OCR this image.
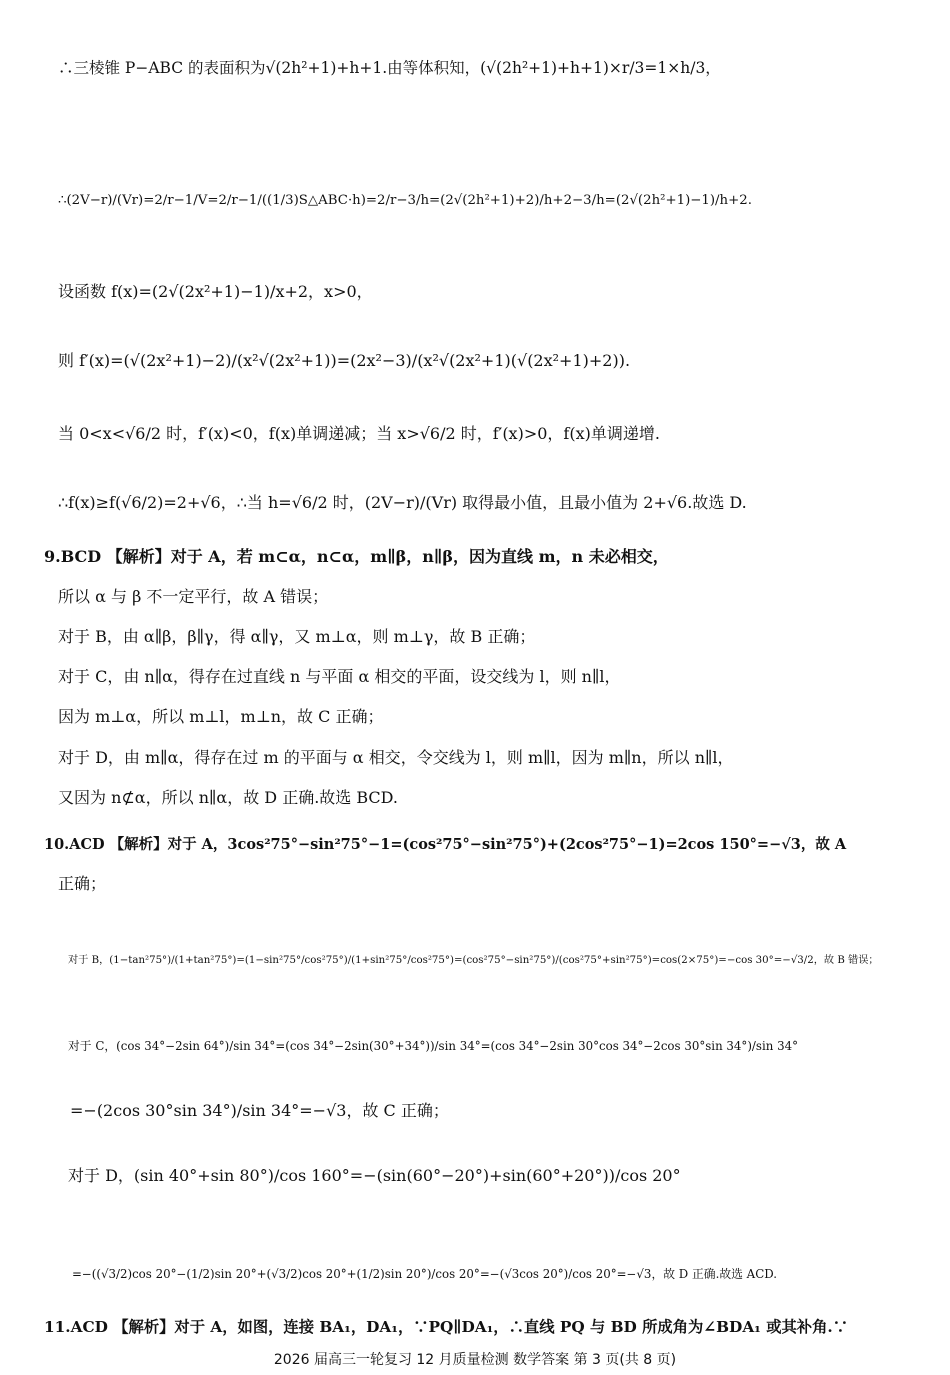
∴三棱锥 P−ABC 的表面积为√(2h²+1)+h+1.由等体积知，(√(2h²+1)+h+1)×r/3=1×h/3，
∴(2V−r)/(Vr)=2/r−1/V=2/r−1/((1/3)S△ABC·h)=2/r−3/h=(2√(2h²+1)+2)/h+2−3/h=(2√(2h²+1)−1)/h+2.
设函数 f(x)=(2√(2x²+1)−1)/x+2，x>0，
则 f′(x)=(√(2x²+1)−2)/(x²√(2x²+1))=(2x²−3)/(x²√(2x²+1)(√(2x²+1)+2)).
当 0<x<√6/2 时，f′(x)<0，f(x)单调递减；当 x>√6/2 时，f′(x)>0，f(x)单调递增.
∴f(x)≥f(√6/2)=2+√6，∴当 h=√6/2 时，(2V−r)/(Vr) 取得最小值，且最小值为 2+√6.故选 D.
9.BCD 【解析】对于 A，若 m⊂α，n⊂α，m∥β，n∥β，因为直线 m，n 未必相交，
所以 α 与 β 不一定平行，故 A 错误；
对于 B，由 α∥β，β∥γ，得 α∥γ，又 m⊥α，则 m⊥γ，故 B 正确；
对于 C，由 n∥α，得存在过直线 n 与平面 α 相交的平面，设交线为 l，则 n∥l，
因为 m⊥α，所以 m⊥l，m⊥n，故 C 正确；
对于 D，由 m∥α，得存在过 m 的平面与 α 相交，令交线为 l，则 m∥l，因为 m∥n，所以 n∥l，
又因为 n⊄α，所以 n∥α，故 D 正确.故选 BCD.
10.ACD 【解析】对于 A，3cos²75°−sin²75°−1=(cos²75°−sin²75°)+(2cos²75°−1)=2cos 150°=−√3，故 A
正确；
对于 B，(1−tan²75°)/(1+tan²75°)=(1−sin²75°/cos²75°)/(1+sin²75°/cos²75°)=(cos²75°−sin²75°)/(cos²75°+sin²75°)=cos(2×75°)=−cos 30°=−√3/2，故 B 错误；
对于 C，(cos 34°−2sin 64°)/sin 34°=(cos 34°−2sin(30°+34°))/sin 34°=(cos 34°−2sin 30°cos 34°−2cos 30°sin 34°)/sin 34°
=−(2cos 30°sin 34°)/sin 34°=−√3，故 C 正确；
对于 D，(sin 40°+sin 80°)/cos 160°=−(sin(60°−20°)+sin(60°+20°))/cos 20°
=−((√3/2)cos 20°−(1/2)sin 20°+(√3/2)cos 20°+(1/2)sin 20°)/cos 20°=−(√3cos 20°)/cos 20°=−√3，故 D 正确.故选 ACD.
11.ACD 【解析】对于 A，如图，连接 BA₁，DA₁，∵PQ∥DA₁，∴直线 PQ 与 BD 所成角为∠BDA₁ 或其补角.∵
2026 届高三一轮复习 12 月质量检测 数学答案 第 3 页(共 8 页)
